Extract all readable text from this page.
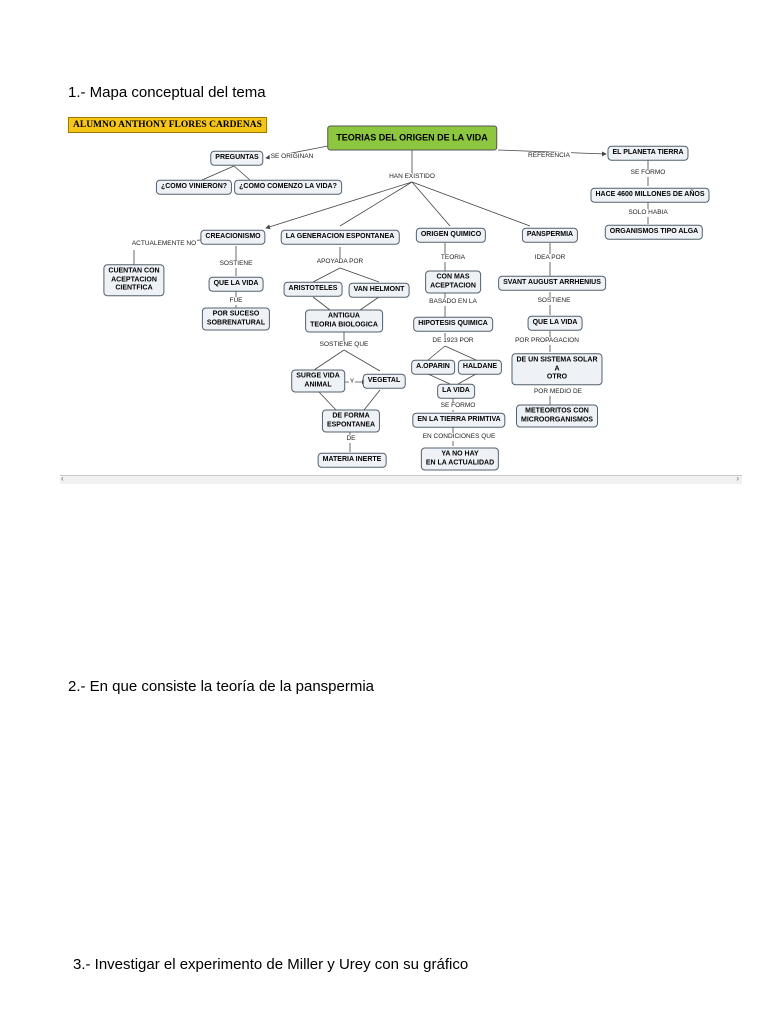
1.- Mapa conceptual del tema
ALUMNO ANTHONY FLORES CARDENAS
TEORIAS DEL ORIGEN DE LA VIDA
PREGUNTAS	SE ORIGINAN
¿COMO VINIERON?	¿COMO COMENZO LA VIDA?
REFERENCIA	EL PLANETA TIERRA
SE FORMO
HACE 4600 MILLONES DE AÑOS
SOLO HABIA
ORGANISMOS TIPO ALGA
HAN EXISTIDO
CREACIONISMO
ACTUALEMENTE NO
CUENTAN CON
ACEPTACION
CIENTFICA
SOSTIENE
QUE LA VIDA
FUE
POR SUCESO
SOBRENATURAL
LA GENERACION ESPONTANEA
APOYADA POR
ARISTOTELES	VAN HELMONT
ANTIGUA
TEORIA BIOLOGICA
SOSTIENE QUE
SURGE VIDA
ANIMAL	Y	VEGETAL
DE FORMA
ESPONTANEA
DE
MATERIA INERTE
ORIGEN QUIMICO
TEORIA
CON MAS
ACEPTACION
BASADO EN LA
HIPOTESIS QUIMICA
DE 1923 POR
A.OPARIN	HALDANE
LA VIDA
SE FORMO
EN LA TIERRA PRIMTIVA
EN CONDICIONES QUE
YA NO HAY
EN LA ACTUALIDAD
PANSPERMIA
IDEA POR
SVANT AUGUST ARRHENIUS
SOSTIENE
QUE LA VIDA
POR PROPAGACION
DE UN SISTEMA SOLAR
A
OTRO
POR MEDIO DE
METEORITOS CON
MICROORGANISMOS
‹	›
2.- En que consiste la teoría de la panspermia
3.- Investigar el experimento de Miller y Urey con su gráfico
